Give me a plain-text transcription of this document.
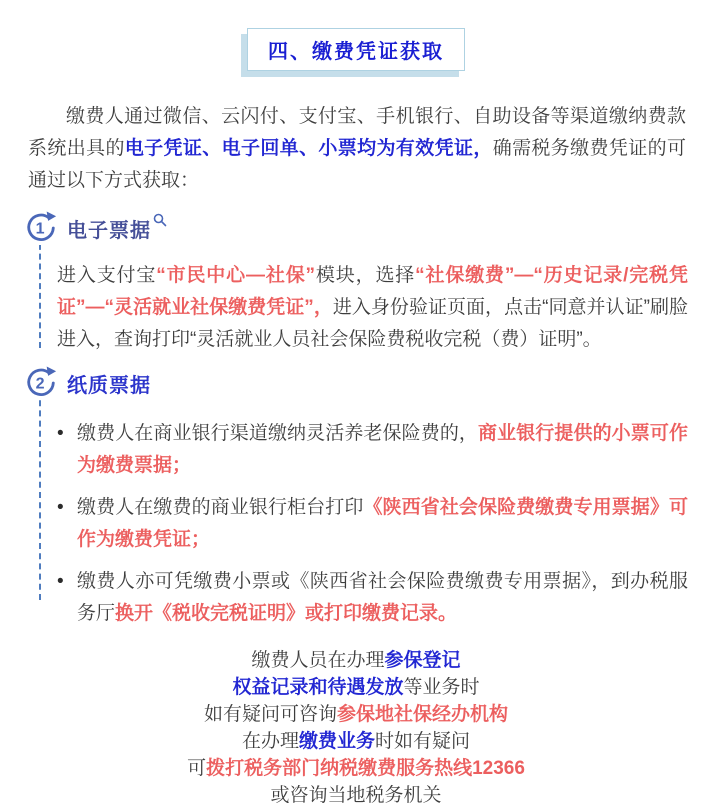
四、缴费凭证获取

缴费人通过微信、云闪付、支付宝、手机银行、自助设备等渠道缴纳费款系统出具的电子凭证、电子回单、小票均为有效凭证，确需税务缴费凭证的可通过以下方式获取：

1 电子票据

进入支付宝“市民中心—社保”模块，选择“社保缴费”—“历史记录/完税凭证”—“灵活就业社保缴费凭证”，进入身份验证页面，点击“同意并认证”刷脸进入，查询打印“灵活就业人员社会保险费税收完税（费）证明”。

2 纸质票据
• 缴费人在商业银行渠道缴纳灵活养老保险费的，商业银行提供的小票可作为缴费票据；
• 缴费人在缴费的商业银行柜台打印《陕西省社会保险费缴费专用票据》可作为缴费凭证；
• 缴费人亦可凭缴费小票或《陕西省社会保险费缴费专用票据》，到办税服务厅换开《税收完税证明》或打印缴费记录。
缴费人员在办理参保登记
权益记录和待遇发放等业务时
如有疑问可咨询参保地社保经办机构
在办理缴费业务时如有疑问
可拨打税务部门纳税缴费服务热线12366
或咨询当地税务机关
